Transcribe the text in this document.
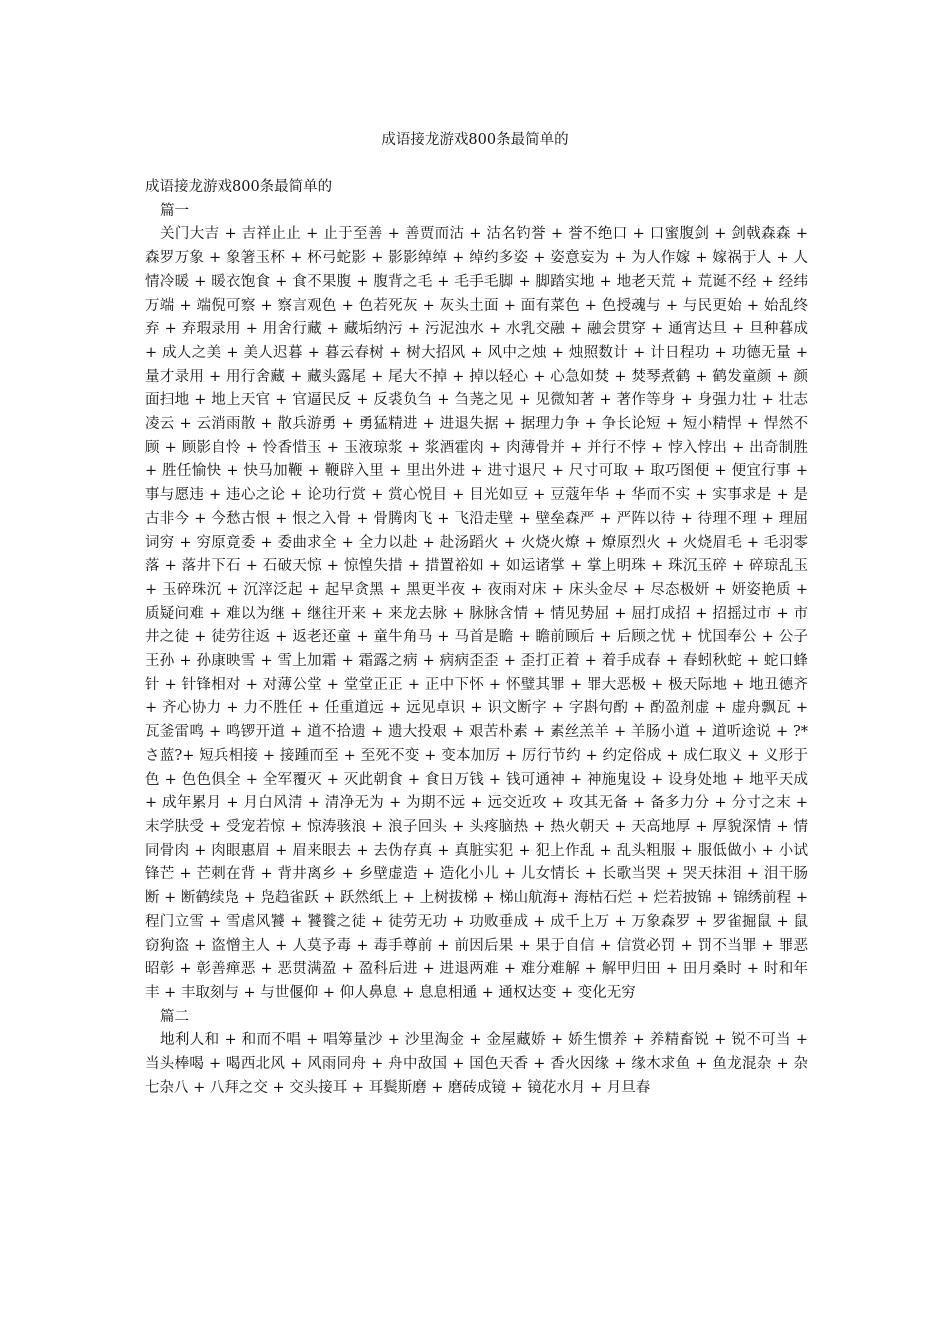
成语接龙游戏800条最简单的

成语接龙游戏800条最简单的

篇一

关门大吉 + 吉祥止止 + 止于至善 + 善贾而沽 + 沽名钓誉 + 誉不绝口 + 口蜜腹剑 + 剑戟森森 + 森罗万象 + 象箸玉杯 + 杯弓蛇影 + 影影绰绰 + 绰约多姿 + 姿意妄为 + 为人作嫁 + 嫁祸于人 + 人情冷暖 + 暖衣饱食 + 食不果腹 + 腹背之毛 + 毛手毛脚 + 脚踏实地 + 地老天荒 + 荒诞不经 + 经纬万端 + 端倪可察 + 察言观色 + 色若死灰 + 灰头土面 + 面有菜色 + 色授魂与 + 与民更始 + 始乱终弃 + 弃瑕录用 + 用舍行藏 + 藏垢纳污 + 污泥浊水 + 水乳交融 + 融会贯穿 + 通宵达旦 + 旦种暮成 + 成人之美 + 美人迟暮 + 暮云春树 + 树大招风 + 风中之烛 + 烛照数计 + 计日程功 + 功德无量 + 量才录用 + 用行舍藏 + 藏头露尾 + 尾大不掉 + 掉以轻心 + 心急如焚 + 焚琴煮鹤 + 鹤发童颜 + 颜面扫地 + 地上天官 + 官逼民反 + 反裘负刍 + 刍荛之见 + 见微知著 + 著作等身 + 身强力壮 + 壮志凌云 + 云消雨散 + 散兵游勇 + 勇猛精进 + 进退失据 + 据理力争 + 争长论短 + 短小精悍 + 悍然不顾 + 顾影自怜 + 怜香惜玉 + 玉液琼浆 + 浆酒霍肉 + 肉薄骨并 + 并行不悖 + 悖入悖出 + 出奇制胜 + 胜任愉快 + 快马加鞭 + 鞭辟入里 + 里出外进 + 进寸退尺 + 尺寸可取 + 取巧图便 + 便宜行事 + 事与愿违 + 违心之论 + 论功行赏 + 赏心悦目 + 目光如豆 + 豆蔻年华 + 华而不实 + 实事求是 + 是古非今 + 今愁古恨 + 恨之入骨 + 骨腾肉飞 + 飞沿走壁 + 壁垒森严 + 严阵以待 + 待理不理 + 理屈词穷 + 穷原竟委 + 委曲求全 + 全力以赴 + 赴汤蹈火 + 火烧火燎 + 燎原烈火 + 火烧眉毛 + 毛羽零落 + 落井下石 + 石破天惊 + 惊惶失措 + 措置裕如 + 如运诸掌 + 掌上明珠 + 珠沉玉碎 + 碎琼乱玉 + 玉碎珠沉 + 沉滓泛起 + 起早贪黑 + 黑更半夜 + 夜雨对床 + 床头金尽 + 尽态极妍 + 妍姿艳质 + 质疑问难 + 难以为继 + 继往开来 + 来龙去脉 + 脉脉含情 + 情见势屈 + 屈打成招 + 招摇过市 + 市井之徒 + 徒劳往返 + 返老还童 + 童牛角马 + 马首是瞻 + 瞻前顾后 + 后顾之忧 + 忧国奉公 + 公子王孙 + 孙康映雪 + 雪上加霜 + 霜露之病 + 病病歪歪 + 歪打正着 + 着手成春 + 春蚓秋蛇 + 蛇口蜂针 + 针锋相对 + 对薄公堂 + 堂堂正正 + 正中下怀 + 怀璧其罪 + 罪大恶极 + 极天际地 + 地丑德齐 + 齐心协力 + 力不胜任 + 任重道远 + 远见卓识 + 识文断字 + 字斟句酌 + 酌盈剂虚 + 虚舟飘瓦 + 瓦釜雷鸣 + 鸣锣开道 + 道不拾遗 + 遗大投艰 + 艰苦朴素 + 素丝羔羊 + 羊肠小道 + 道听途说 + ?*さ蓝?+ 短兵相接 + 接踵而至 + 至死不变 + 变本加厉 + 厉行节约 + 约定俗成 + 成仁取义 + 义形于色 + 色色俱全 + 全军覆灭 + 灭此朝食 + 食日万钱 + 钱可通神 + 神施鬼设 + 设身处地 + 地平天成 + 成年累月 + 月白风清 + 清净无为 + 为期不远 + 远交近攻 + 攻其无备 + 备多力分 + 分寸之末 + 末学肤受 + 受宠若惊 + 惊涛骇浪 + 浪子回头 + 头疼脑热 + 热火朝天 + 天高地厚 + 厚貌深情 + 情同骨肉 + 肉眼惠眉 + 眉来眼去 + 去伪存真 + 真脏实犯 + 犯上作乱 + 乱头粗服 + 服低做小 + 小试锋芒 + 芒刺在背 + 背井离乡 + 乡壁虚造 + 造化小儿 + 儿女情长 + 长歌当哭 + 哭天抹泪 + 泪干肠断 + 断鹤续凫 + 凫趋雀跃 + 跃然纸上 + 上树拔梯 + 梯山航海+ 海枯石烂 + 烂若披锦 + 锦绣前程 + 程门立雪 + 雪虐风饕 + 饕餮之徒 + 徒劳无功 + 功败垂成 + 成千上万 + 万象森罗 + 罗雀掘鼠 + 鼠窃狗盗 + 盗憎主人 + 人莫予毒 + 毒手尊前 + 前因后果 + 果于自信 + 信赏必罚 + 罚不当罪 + 罪恶昭彰 + 彰善瘅恶 + 恶贯满盈 + 盈科后进 + 进退两难 + 难分难解 + 解甲归田 + 田月桑时 + 时和年丰 + 丰取刻与 + 与世偃仰 + 仰人鼻息 + 息息相通 + 通权达变 + 变化无穷

篇二

地利人和 + 和而不唱 + 唱筹量沙 + 沙里淘金 + 金屋藏娇 + 娇生惯养 + 养精畜锐 + 锐不可当 + 当头棒喝 + 喝西北风 + 风雨同舟 + 舟中敌国 + 国色天香 + 香火因缘 + 缘木求鱼 + 鱼龙混杂 + 杂七杂八 + 八拜之交 + 交头接耳 + 耳鬓斯磨 + 磨砖成镜 + 镜花水月 + 月旦春
